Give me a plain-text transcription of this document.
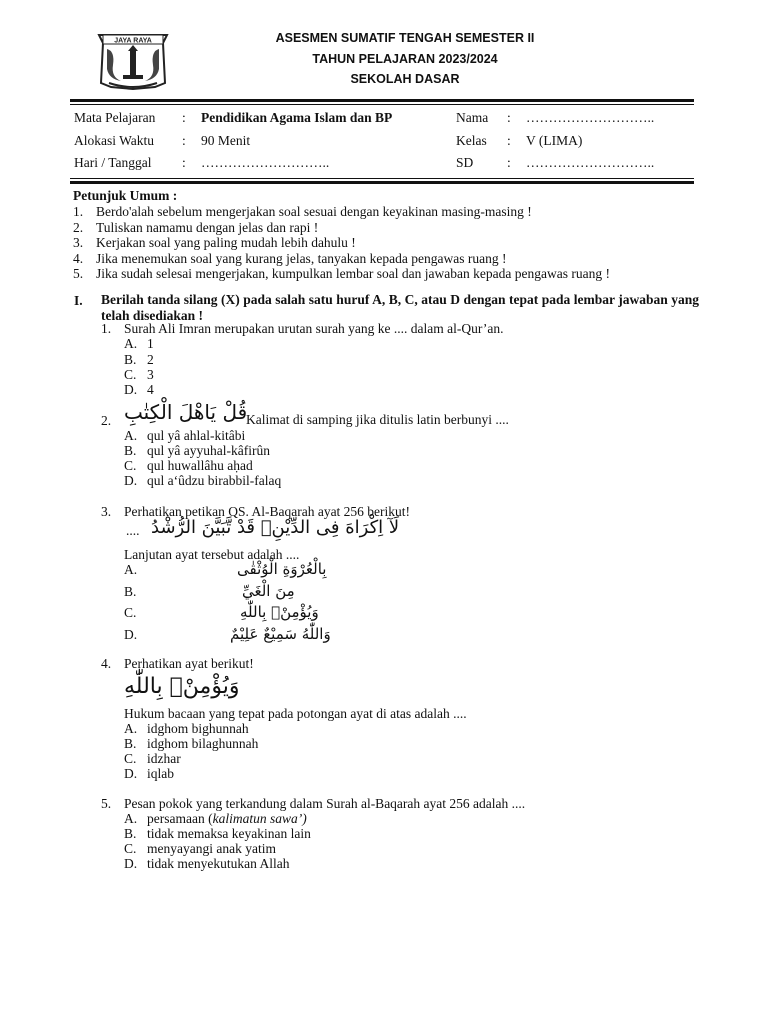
JAYA RAYA	ASESMEN SUMATIF TENGAH SEMESTER II
TAHUN PELAJARAN 2023/2024
SEKOLAH DASAR
Mata Pelajaran : Pendidikan Agama Islam dan BP
Alokasi Waktu : 90 Menit
Hari / Tanggal : ………………………..
Nama : ………………………..
Kelas : V (LIMA)
SD : ………………………..
Petunjuk Umum :
1. Berdo'alah sebelum mengerjakan soal sesuai dengan keyakinan masing-masing !
2. Tuliskan namamu dengan jelas dan rapi !
3. Kerjakan soal yang paling mudah lebih dahulu !
4. Jika menemukan soal yang kurang jelas, tanyakan kepada pengawas ruang !
5. Jika sudah selesai mengerjakan, kumpulkan lembar soal dan jawaban kepada pengawas ruang !
I. Berilah tanda silang (X) pada salah satu huruf A, B, C, atau D dengan tepat pada lembar jawaban yang telah disediakan !
1. Surah Ali Imran merupakan urutan surah yang ke .... dalam al-Qur’an.
A. 1
B. 2
C. 3
D. 4
2. قُلْ يَاهْلَ الْكِتٰبِ
Kalimat di samping jika ditulis latin berbunyi ....
A. qul yâ ahlal-kitâbi
B. qul yâ ayyuhal-kâfirûn
C. qul huwallâhu aḥad
D. qul a‘ûdzu birabbil-falaq
3. Perhatikan petikan QS. Al-Baqarah ayat 256 berikut!
.... لَآ اِكْرَاهَ فِى الدِّيْنِۗ قَدْ تَّبَيَّنَ الرُّشْدُ
Lanjutan ayat tersebut adalah ....
A.	بِالْعُرْوَةِ الْوُثْقٰى
B.	مِنَ الْغَيِّ
C.	وَيُؤْمِنْۢ بِاللّٰهِ
D.	وَاللّٰهُ سَمِيْعٌ عَلِيْمٌ
4. Perhatikan ayat berikut!
وَيُؤْمِنْۢ بِاللّٰهِ
Hukum bacaan yang tepat pada potongan ayat di atas adalah ....
A. idghom bighunnah
B. idghom bilaghunnah
C. idzhar
D. iqlab
5. Pesan pokok yang terkandung dalam Surah al-Baqarah ayat 256 adalah ....
A. persamaan (kalimatun sawa’)
B. tidak memaksa keyakinan lain
C. menyayangi anak yatim
D. tidak menyekutukan Allah
